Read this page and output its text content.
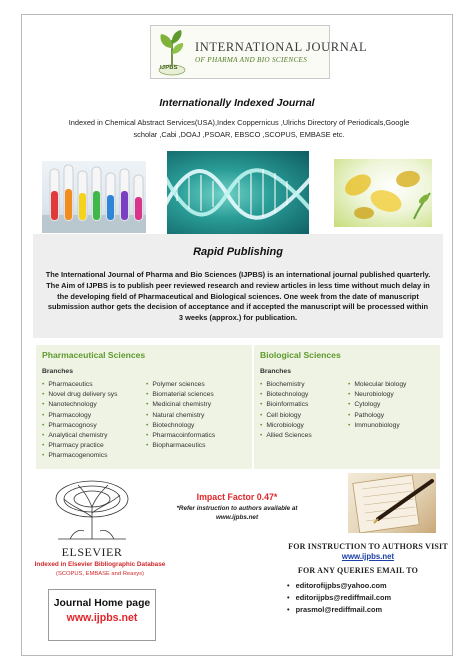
IJPBS
INTERNATIONAL JOURNAL
OF PHARMA AND BIO SCIENCES
Internationally Indexed Journal
Indexed in Chemical Abstract Services(USA),Index Coppernicus ,Ulrichs Directory of Periodicals,Google scholar ,Cabi ,DOAJ ,PSOAR, EBSCO ,SCOPUS, EMBASE etc.
Rapid Publishing
The International Journal of Pharma and Bio Sciences (IJPBS) is an international journal published quarterly. The Aim of IJPBS is to publish peer reviewed research and review articles in less time without much delay in the developing field of Pharmaceutical and Biological sciences. One week from the date of manuscript submission author gets the decision of acceptance and if accepted the manuscript will be processed within 3 weeks (approx.) for publication.
Pharmaceutical Sciences
Branches
• Pharmaceutics
• Novel drug delivery sys
• Nanotechnology
• Pharmacology
• Pharmacognosy
• Analytical chemistry
• Pharmacy practice
• Pharmacogenomics
• Polymer sciences
• Biomaterial sciences
• Medicinal chemistry
• Natural chemistry
• Biotechnology
• Pharmacoinformatics
• Biopharmaceutics
Biological Sciences
Branches
• Biochemistry
• Biotechnology
• Bioinformatics
• Cell biology
• Microbiology
• Allied Sciences
• Molecular biology
• Neurobiology
• Cytology
• Pathology
• Immunobiology
ELSEVIER
Indexed in Elsevier Bibliographic Database
(SCOPUS, EMBASE and Reaxys)
Journal Home page
www.ijpbs.net
Impact Factor 0.47*
*Refer instruction to authors available at www.ijpbs.net
FOR INSTRUCTION TO AUTHORS VISIT
www.ijpbs.net
FOR ANY QUERIES EMAIL TO
• editorofijpbs@yahoo.com
• editorijpbs@rediffmail.com
• prasmol@rediffmail.com
